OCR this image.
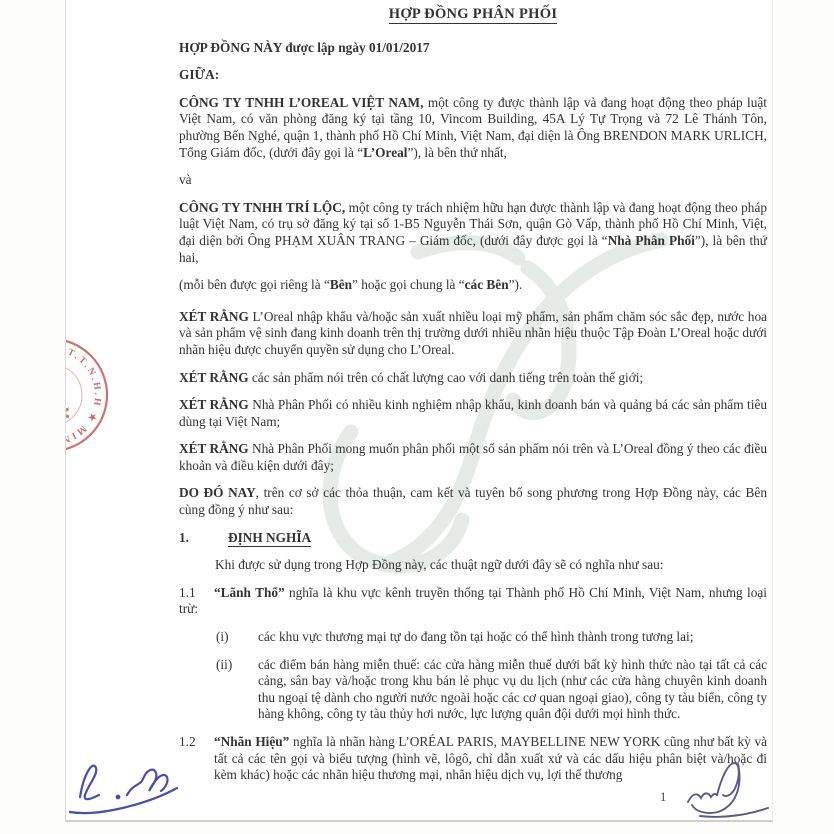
C.T.T.N.H.H ★ MINH
M
HỢP ĐỒNG PHÂN PHỐI

HỢP ĐỒNG NÀY được lập ngày 01/01/2017

GIỮA:

CÔNG TY TNHH L’OREAL VIỆT NAM, một công ty được thành lập và đang hoạt động theo pháp luật Việt Nam, có văn phòng đăng ký tại tầng 10, Vincom Building, 45A Lý Tự Trọng và 72 Lê Thánh Tôn, phường Bến Nghé, quận 1, thành phố Hồ Chí Minh, Việt Nam, đại diện là Ông BRENDON MARK URLICH, Tổng Giám đốc, (dưới đây gọi là “L’Oreal”), là bên thứ nhất,

và

CÔNG TY TNHH TRÍ LỘC, một công ty trách nhiệm hữu hạn được thành lập và đang hoạt động theo pháp luật Việt Nam, có trụ sở đăng ký tại số 1-B5 Nguyễn Thái Sơn, quận Gò Vấp, thành phố Hồ Chí Minh, Việt, đại diện bởi Ông PHẠM XUÂN TRANG – Giám đốc, (dưới đây được gọi là “Nhà Phân Phối”), là bên thứ hai,

(mỗi bên được gọi riêng là “Bên” hoặc gọi chung là “các Bên”).

XÉT RẰNG L’Oreal nhập khẩu và/hoặc sản xuất nhiều loại mỹ phẩm, sản phẩm chăm sóc sắc đẹp, nước hoa và sản phẩm vệ sinh đang kinh doanh trên thị trường dưới nhiều nhãn hiệu thuộc Tập Đoàn L’Oreal hoặc dưới nhãn hiệu được chuyển quyền sử dụng cho L’Oreal.

XÉT RẰNG các sản phẩm nói trên có chất lượng cao với danh tiếng trên toàn thế giới;

XÉT RẰNG Nhà Phân Phối có nhiều kinh nghiệm nhập khẩu, kinh doanh bán và quảng bá các sản phẩm tiêu dùng tại Việt Nam;

XÉT RẰNG Nhà Phân Phối mong muốn phân phối một số sản phẩm nói trên và L’Oreal đồng ý theo các điều khoản và điều kiện dưới đây;

DO ĐÓ NAY, trên cơ sở các thỏa thuận, cam kết và tuyên bố song phương trong Hợp Đồng này, các Bên cùng đồng ý như sau:

1.	ĐỊNH NGHĨA

Khi được sử dụng trong Hợp Đồng này, các thuật ngữ dưới đây sẽ có nghĩa như sau:

1.1 “Lãnh Thổ” nghĩa là khu vực kênh truyền thống tại Thành phố Hồ Chí Minh, Việt Nam, nhưng loại trừ:

(i) các khu vực thương mại tự do đang tồn tại hoặc có thể hình thành trong tương lai;

(ii) các điểm bán hàng miễn thuế: các cửa hàng miễn thuế dưới bất kỳ hình thức nào tại tất cả các cảng, sân bay và/hoặc trong khu bán lẻ phục vụ du lịch (như các cửa hàng chuyên kinh doanh thu ngoại tệ dành cho người nước ngoài hoặc các cơ quan ngoại giao), công ty tàu biển, công ty hàng không, công ty tàu thủy hơi nước, lực lượng quân đội dưới mọi hình thức.

1.2 “Nhãn Hiệu” nghĩa là nhãn hàng L’ORÉAL PARIS, MAYBELLINE NEW YORK cũng như bất kỳ và tất cả các tên gọi và biểu tượng (hình vẽ, lôgô, chỉ dẫn xuất xứ và các dấu hiệu phân biệt và/hoặc đi kèm khác) hoặc các nhãn hiệu thương mại, nhãn hiệu dịch vụ, lợi thế thương

1
